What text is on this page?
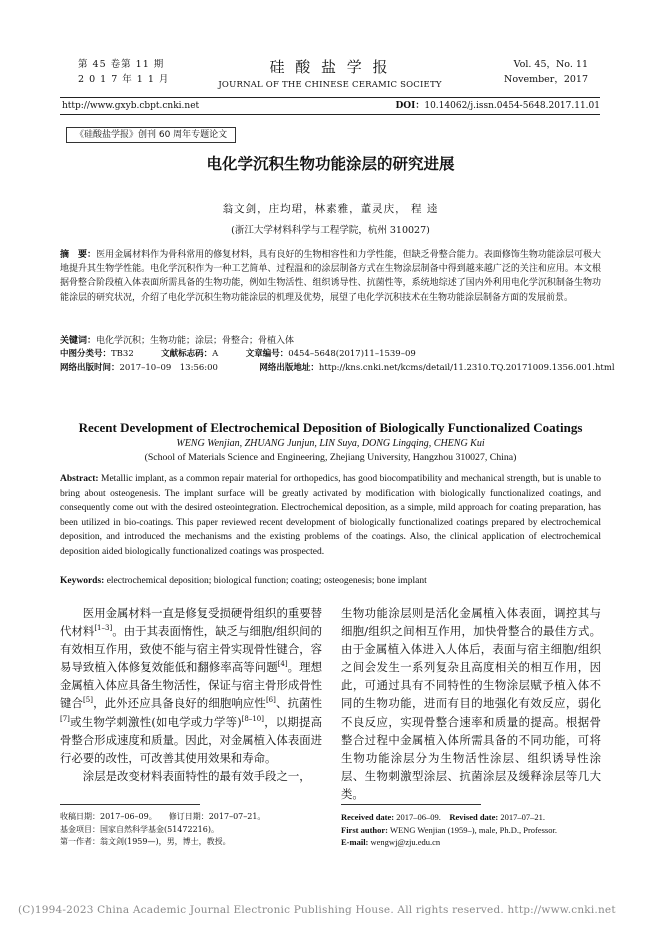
第 45 卷第 11 期
2 0 1 7 年 1 1 月
硅 酸 盐 学 报
JOURNAL OF THE CHINESE CERAMIC SOCIETY
Vol. 45，No. 11
November，2017
http://www.gxyb.cbpt.cnki.net	DOI：10.14062/j.issn.0454-5648.2017.11.01
《硅酸盐学报》创刊 60 周年专题论文
电化学沉积生物功能涂层的研究进展
翁文剑，庄均珺，林素雅，董灵庆， 程 逵
(浙江大学材料科学与工程学院，杭州 310027)
摘　要：医用金属材料作为骨科常用的修复材料，具有良好的生物相容性和力学性能，但缺乏骨整合能力。表面修饰生物功能涂层可极大地提升其生物学性能。电化学沉积作为一种工艺简单、过程温和的涂层制备方式在生物涂层制备中得到越来越广泛的关注和应用。本文根据骨整合阶段植入体表面所需具备的生物功能，例如生物活性、组织诱导性、抗菌性等，系统地综述了国内外利用电化学沉积制备生物功能涂层的研究状况，介绍了电化学沉积生物功能涂层的机理及优势，展望了电化学沉积技术在生物功能涂层制备方面的发展前景。
关键词：电化学沉积；生物功能；涂层；骨整合；骨植入体
中图分类号：TB32	文献标志码：A	文章编号：0454–5648(2017)11–1539–09
网络出版时间：2017–10–09　13:56:00	网络出版地址：http://kns.cnki.net/kcms/detail/11.2310.TQ.20171009.1356.001.html
Recent Development of Electrochemical Deposition of Biologically Functionalized Coatings
WENG Wenjian, ZHUANG Junjun, LIN Suya, DONG Lingqing, CHENG Kui
(School of Materials Science and Engineering, Zhejiang University, Hangzhou 310027, China)
Abstract: Metallic implant, as a common repair material for orthopedics, has good biocompatibility and mechanical strength, but is unable to bring about osteogenesis. The implant surface will be greatly activated by modification with biologically functionalized coatings, and consequently come out with the desired osteointegration. Electrochemical deposition, as a simple, mild approach for coating preparation, has been utilized in bio-coatings. This paper reviewed recent development of biologically functionalized coatings prepared by electrochemical deposition, and introduced the mechanisms and the existing problems of the coatings. Also, the clinical application of electrochemical deposition aided biologically functionalized coatings was prospected.
Keywords: electrochemical deposition; biological function; coating; osteogenesis; bone implant

医用金属材料一直是修复受损硬骨组织的重要替代材料[1–3]。由于其表面惰性，缺乏与细胞/组织间的有效相互作用，致使不能与宿主骨实现骨性键合，容易导致植入体修复效能低和翻修率高等问题[4]。理想金属植入体应具备生物活性，保证与宿主骨形成骨性键合[5]，此外还应具备良好的细胞响应性[6]、抗菌性[7]或生物学刺激性(如电学或力学等)[8–10]，以期提高骨整合形成速度和质量。因此，对金属植入体表面进行必要的改性，可改善其使用效果和寿命。

涂层是改变材料表面特性的最有效手段之一，

生物功能涂层则是活化金属植入体表面，调控其与细胞/组织之间相互作用，加快骨整合的最佳方式。由于金属植入体进入人体后，表面与宿主细胞/组织之间会发生一系列复杂且高度相关的相互作用，因此，可通过具有不同特性的生物涂层赋予植入体不同的生物功能，进而有目的地强化有效反应，弱化不良反应，实现骨整合速率和质量的提高。根据骨整合过程中金属植入体所需具备的不同功能，可将生物功能涂层分为生物活性涂层、组织诱导性涂层、生物刺激型涂层、抗菌涂层及缓释涂层等几大类。

收稿日期：2017–06–09。　　修订日期：2017–07–21。
基金项目：国家自然科学基金(51472216)。
第一作者：翁文剑(1959—)，男，博士，教授。
Received date: 2017–06–09. Revised date: 2017–07–21.
First author: WENG Wenjian (1959–), male, Ph.D., Professor.
E-mail: wengwj@zju.edu.cn
(C)1994-2023 China Academic Journal Electronic Publishing House. All rights reserved. http://www.cnki.net
